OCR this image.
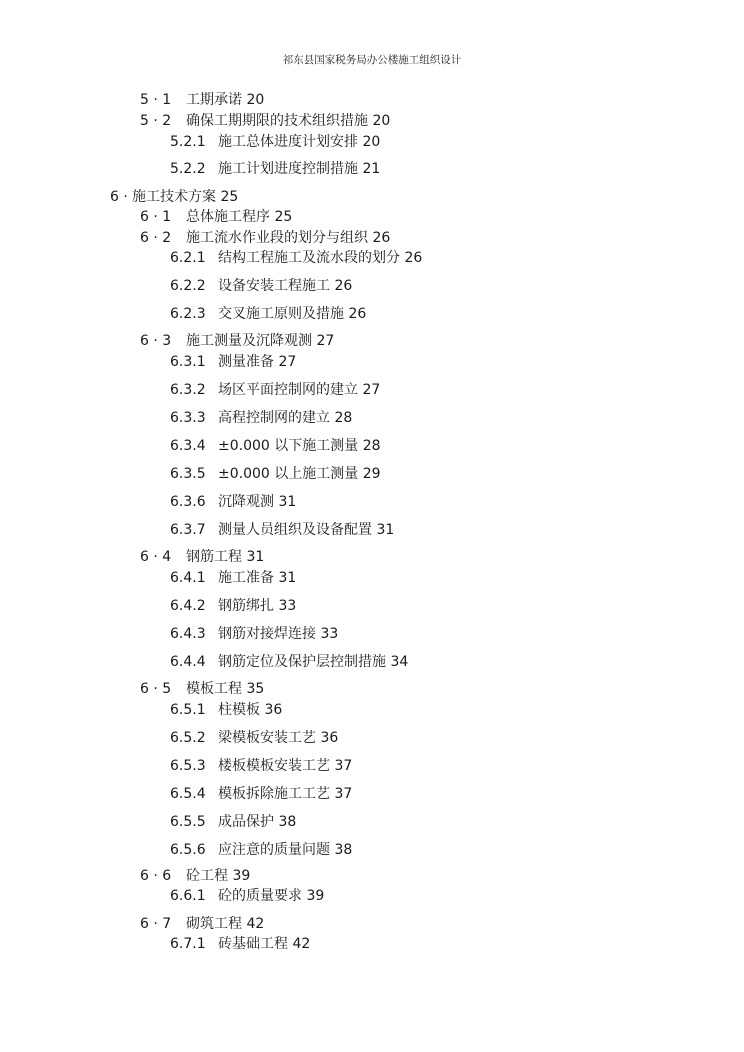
祁东县国家税务局办公楼施工组织设计
5 · 1 工期承诺 20
5 · 2 确保工期期限的技术组织措施 20
5.2.1 施工总体进度计划安排 20
5.2.2 施工计划进度控制措施 21
6 · 施工技术方案 25
6 · 1 总体施工程序 25
6 · 2 施工流水作业段的划分与组织 26
6.2.1 结构工程施工及流水段的划分 26
6.2.2 设备安装工程施工 26
6.2.3 交叉施工原则及措施 26
6 · 3 施工测量及沉降观测 27
6.3.1 测量准备 27
6.3.2 场区平面控制网的建立 27
6.3.3 高程控制网的建立 28
6.3.4 ±0.000 以下施工测量 28
6.3.5 ±0.000 以上施工测量 29
6.3.6 沉降观测 31
6.3.7 测量人员组织及设备配置 31
6 · 4 钢筋工程 31
6.4.1 施工准备 31
6.4.2 钢筋绑扎 33
6.4.3 钢筋对接焊连接 33
6.4.4 钢筋定位及保护层控制措施 34
6 · 5 模板工程 35
6.5.1 柱模板 36
6.5.2 梁模板安装工艺 36
6.5.3 楼板模板安装工艺 37
6.5.4 模板拆除施工工艺 37
6.5.5 成品保护 38
6.5.6 应注意的质量问题 38
6 · 6 砼工程 39
6.6.1 砼的质量要求 39
6 · 7 砌筑工程 42
6.7.1 砖基础工程 42
